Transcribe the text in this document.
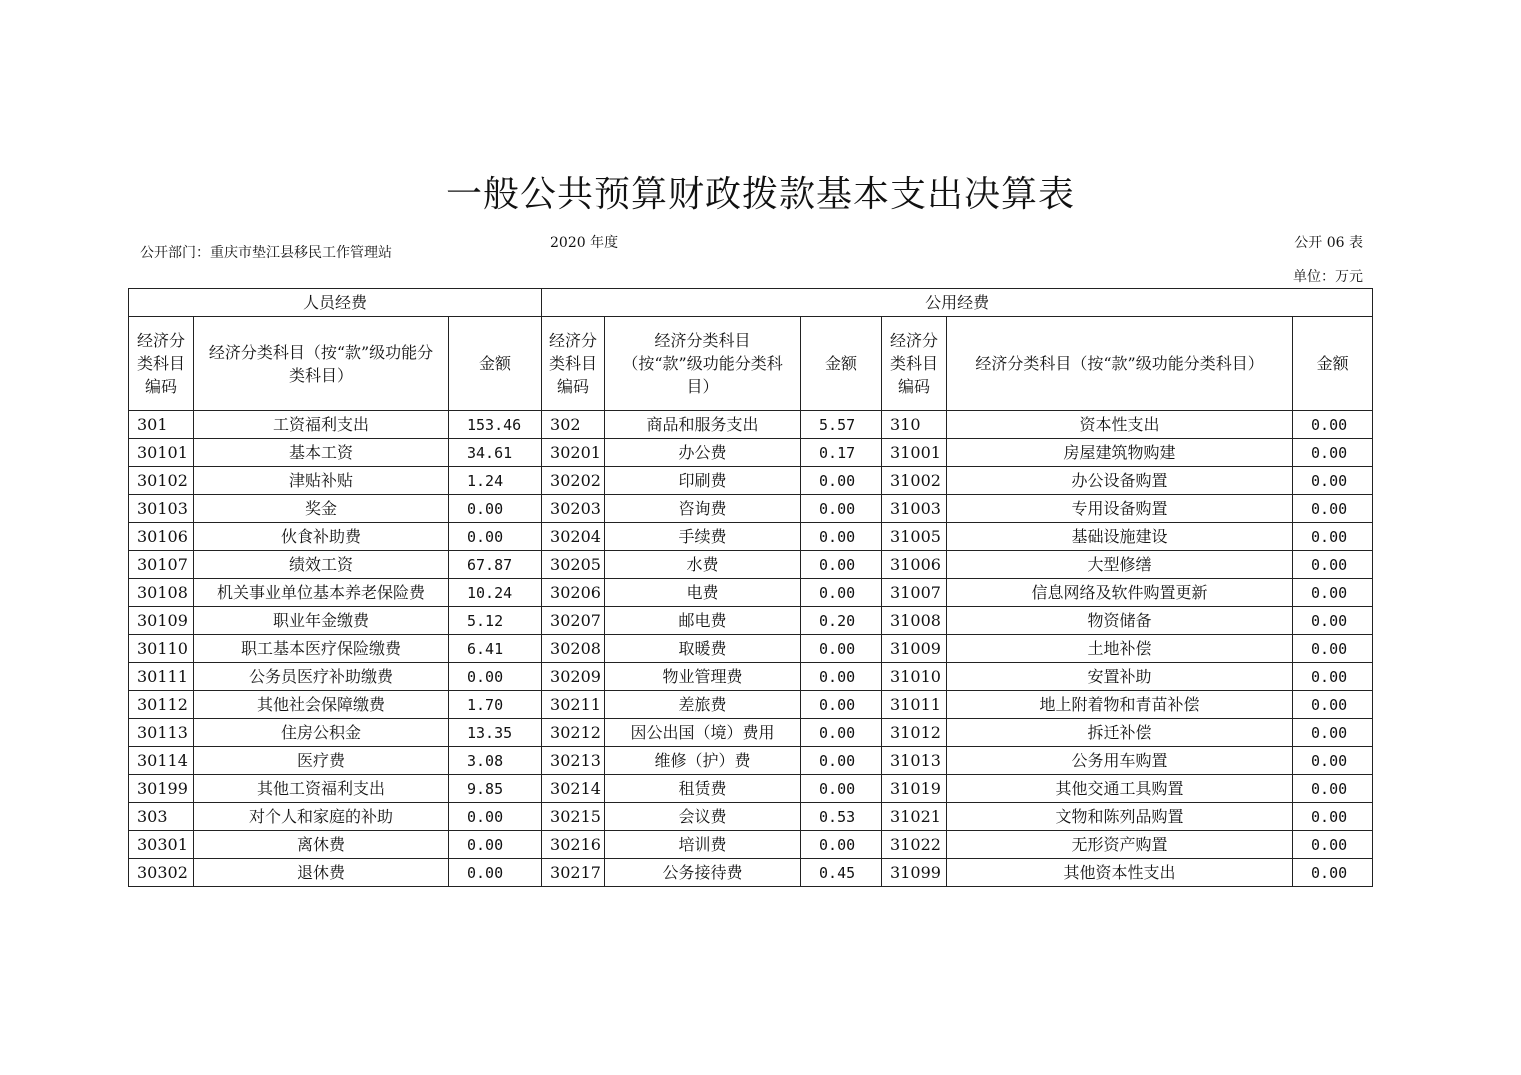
一般公共预算财政拨款基本支出决算表
公开部门：重庆市垫江县移民工作管理站
2020 年度	公开 06 表
单位：万元
人员经费			公用经费					
经济分类科目编码	经济分类科目（按“款”级功能分类科目）	金额	经济分类科目编码	经济分类科目（按“款”级功能分类科目）	金额	经济分类科目编码	经济分类科目（按“款”级功能分类科目）	金额
301	工资福利支出	153.46	302	商品和服务支出	5.57	310	资本性支出	0.00
30101	基本工资	34.61	30201	办公费	0.17	31001	房屋建筑物购建	0.00
30102	津贴补贴	1.24	30202	印刷费	0.00	31002	办公设备购置	0.00
30103	奖金	0.00	30203	咨询费	0.00	31003	专用设备购置	0.00
30106	伙食补助费	0.00	30204	手续费	0.00	31005	基础设施建设	0.00
30107	绩效工资	67.87	30205	水费	0.00	31006	大型修缮	0.00
30108	机关事业单位基本养老保险费	10.24	30206	电费	0.00	31007	信息网络及软件购置更新	0.00
30109	职业年金缴费	5.12	30207	邮电费	0.20	31008	物资储备	0.00
30110	职工基本医疗保险缴费	6.41	30208	取暖费	0.00	31009	土地补偿	0.00
30111	公务员医疗补助缴费	0.00	30209	物业管理费	0.00	31010	安置补助	0.00
30112	其他社会保障缴费	1.70	30211	差旅费	0.00	31011	地上附着物和青苗补偿	0.00
30113	住房公积金	13.35	30212	因公出国（境）费用	0.00	31012	拆迁补偿	0.00
30114	医疗费	3.08	30213	维修（护）费	0.00	31013	公务用车购置	0.00
30199	其他工资福利支出	9.85	30214	租赁费	0.00	31019	其他交通工具购置	0.00
303	对个人和家庭的补助	0.00	30215	会议费	0.53	31021	文物和陈列品购置	0.00
30301	离休费	0.00	30216	培训费	0.00	31022	无形资产购置	0.00
30302	退休费	0.00	30217	公务接待费	0.45	31099	其他资本性支出	0.00
